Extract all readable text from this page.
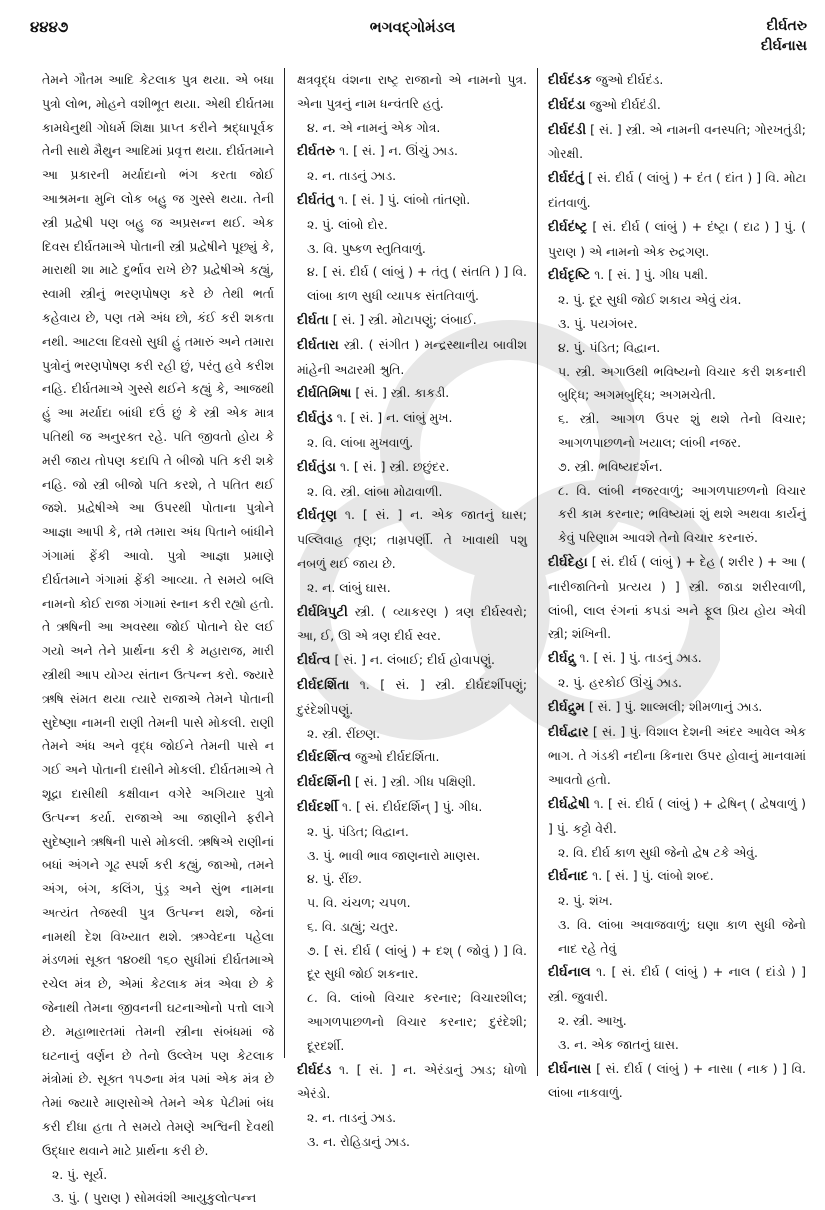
૪૪૪૭	ભગવદ્ગોમંડલ	દીર્ઘતરુ
દીર્ઘનાસ
તેમને ગૌતમ આદિ કેટલાક પુત્ર થયા. એ બધા પુત્રો લોભ, મોહને વશીભૂત થયા. એથી દીર્ઘતમા કામધેનુથી ગોધર્મ શિક્ષા પ્રાપ્ત કરીને શ્રદ્ધાપૂર્વક તેની સાથે મૈથુન આદિમાં પ્રવૃત્ત થયા. દીર્ઘતમાને આ પ્રકારની મર્યાદાનો ભંગ કરતા જોઈ આશ્રમના મુનિ લોક બહુ જ ગુસ્સે થયા. તેની સ્ત્રી પ્રદ્વેષી પણ બહુ જ અપ્રસન્ન થઈ. એક દિવસ દીર્ઘતમાએ પોતાની સ્ત્રી પ્રદ્વેષીને પૂછ્યું કે, મારાથી શા માટે દુર્ભાવ રાખે છે? પ્રદ્વેષીએ કહ્યું, સ્વામી સ્ત્રીનું ભરણપોષણ કરે છે તેથી ભર્તા કહેવાય છે, પણ તમે અંધ છો, કંઈ કરી શકતા નથી. આટલા દિવસો સુધી હું તમારું અને તમારા પુત્રોનું ભરણપોષણ કરી રહી છું, પરંતુ હવે કરીશ નહિ. દીર્ઘતમાએ ગુસ્સે થઈને કહ્યું કે, આજથી હું આ મર્યાદા બાંધી દઉં છું કે સ્ત્રી એક માત્ર પતિથી જ અનુરક્ત રહે. પતિ જીવતો હોય કે મરી જાય તોપણ કદાપિ તે બીજો પતિ કરી શકે નહિ. જો સ્ત્રી બીજો પતિ કરશે, તે પતિત થઈ જશે. પ્રદ્વેષીએ આ ઉપરથી પોતાના પુત્રોને આજ્ઞા આપી કે, તમે તમારા અંધ પિતાને બાંધીને ગંગામાં ફેંકી આવો. પુત્રો આજ્ઞા પ્રમાણે દીર્ઘતમાને ગંગામાં ફેંકી આવ્યા. તે સમયે બલિ નામનો કોઈ રાજા ગંગામાં સ્નાન કરી રહ્યો હતો. તે ઋષિની આ અવસ્થા જોઈ પોતાને ઘેર લઈ ગયો અને તેને પ્રાર્થના કરી કે મહારાજ, મારી સ્ત્રીથી આપ યોગ્ય સંતાન ઉત્પન્ન કરો. જ્યારે ઋષિ સંમત થયા ત્યારે રાજાએ તેમને પોતાની સુદેષ્ણા નામની રાણી તેમની પાસે મોકલી. રાણી તેમને અંધ અને વૃદ્ધ જોઈને તેમની પાસે ન ગઈ અને પોતાની દાસીને મોકલી. દીર્ઘતમાએ તે શૂદ્રા દાસીથી કક્ષીવાન વગેરે અગિયાર પુત્રો ઉત્પન્ન કર્યા. રાજાએ આ જાણીને ફરીને સુદેષ્ણાને ઋષિની પાસે મોકલી. ઋષિએ રાણીનાં બધાં અંગને ગૂઢ સ્પર્શ કરી કહ્યું, જાઓ, તમને અંગ, બંગ, કલિંગ, પુંડ્ર અને સુંભ નામના અત્યંત તેજસ્વી પુત્ર ઉત્પન્ન થશે, જેનાં નામથી દેશ વિખ્યાત થશે. ઋગ્વેદના પહેલા મંડળમાં સૂક્ત ૧૪૦થી ૧૬૦ સુધીમાં દીર્ઘતમાએ રચેલ મંત્ર છે, એમાં કેટલાક મંત્ર એવા છે કે જેનાથી તેમના જીવનની ઘટનાઓનો પત્તો લાગે છે. મહાભારતમાં તેમની સ્ત્રીના સંબંધમાં જે ઘટનાનું વર્ણન છે તેનો ઉલ્લેખ પણ કેટલાક મંત્રોમાં છે. સૂક્ત ૧૫૭ના મંત્ર ૫માં એક મંત્ર છે તેમાં જ્યારે માણસોએ તેમને એક પેટીમાં બંધ કરી દીધા હતા તે સમયે તેમણે અશ્વિની દેવથી ઉદ્ધાર થવાને માટે પ્રાર્થના કરી છે.
૨. પું. સૂર્ય.
૩. પું. ( પુરાણ ) સોમવંશી આયુકુલોત્પન્ન
ક્ષત્રવૃદ્ધ વંશના રાષ્ટ્ર રાજાનો એ નામનો પુત્ર. એના પુત્રનું નામ ધન્વંતરિ હતું.
૪. ન. એ નામનું એક ગોત્ર.
દીર્ઘતરુ ૧. [ સં. ] ન. ઊંચું ઝાડ.
૨. ન. તાડનું ઝાડ.
દીર્ઘતંતુ ૧. [ સં. ] પું. લાંબો તાંતણો.
૨. પું. લાંબો દોર.
૩. વિ. પુષ્કળ સ્તુતિવાળું.
૪. [ સં. દીર્ઘ ( લાંબું ) + તંતુ ( સંતતિ ) ] વિ. લાંબા કાળ સુધી વ્યાપક સંતતિવાળું.
દીર્ઘતા [ સં. ] સ્ત્રી. મોટાપણું; લંબાઈ.
દીર્ઘતારા સ્ત્રી. ( સંગીત ) મન્દ્રસ્થાનીય બાવીશ માંહેની અઢારમી શ્રુતિ.
દીર્ઘતિમિષા [ સં. ] સ્ત્રી. કાકડી.
દીર્ઘતુંડ ૧. [ સં. ] ન. લાંબું મુખ.
૨. વિ. લાંબા મુખવાળું.
દીર્ઘતુંડા ૧. [ સં. ] સ્ત્રી. છછુંદર.
૨. વિ. સ્ત્રી. લાંબા મોઢાવાળી.
દીર્ઘતૃણ ૧. [ સં. ] ન. એક જાતનું ઘાસ; પલ્લિવાહ તૃણ; તામ્રપર્ણી. તે ખાવાથી પશુ નબળું થઈ જાય છે.
૨. ન. લાંબું ઘાસ.
દીર્ઘત્રિપુટી સ્ત્રી. ( વ્યાકરણ ) ત્રણ દીર્ઘસ્વરો; આ, ઈ, ઊ એ ત્રણ દીર્ઘ સ્વર.
દીર્ઘત્વ [ સં. ] ન. લંબાઈ; દીર્ઘ હોવાપણું.
દીર્ઘદર્શિતા ૧. [ સં. ] સ્ત્રી. દીર્ઘદર્શીપણું; દુરંદેશીપણું.
૨. સ્ત્રી. રીંછણ.
દીર્ઘદર્શિત્વ જુઓ દીર્ઘદર્શિતા.
દીર્ઘદર્શિની [ સં. ] સ્ત્રી. ગીધ પક્ષિણી.
દીર્ઘદર્શી ૧. [ સં. દીર્ઘદર્શિન્ ] પું. ગીધ.
૨. પું. પંડિત; વિદ્વાન.
૩. પું. ભાવી ભાવ જાણનારો માણસ.
૪. પું. રીંછ.
૫. વિ. ચંચળ; ચપળ.
૬. વિ. ડાહ્યું; ચતુર.
૭. [ સં. દીર્ઘ ( લાંબું ) + દશ્ ( જોવું ) ] વિ. દૂર સુધી જોઈ શકનાર.
૮. વિ. લાંબો વિચાર કરનાર; વિચારશીલ; આગળપાછળનો વિચાર કરનાર; દુરંદેશી; દૂરદર્શી.
દીર્ઘદંડ ૧. [ સં. ] ન. એરંડાનું ઝાડ; ધોળો એરંડો.
૨. ન. તાડનું ઝાડ.
૩. ન. રોહિડાનું ઝાડ.
દીર્ઘદંડક જુઓ દીર્ઘદંડ.
દીર્ઘદંડા જુઓ દીર્ઘદંડી.
દીર્ઘદંડી [ સં. ] સ્ત્રી. એ નામની વનસ્પતિ; ગોરખતુંડી; ગોરક્ષી.
દીર્ઘદંતું [ સં. દીર્ઘ ( લાંબું ) + દંત ( દાંત ) ] વિ. મોટા દાંતવાળું.
દીર્ઘદંષ્ટ્ર [ સં. દીર્ઘ ( લાંબું ) + દંષ્ટ્રા ( દાઢ ) ] પું. ( પુરાણ ) એ નામનો એક રુદ્રગણ.
દીર્ઘદૃષ્ટિ ૧. [ સં. ] પું. ગીધ પક્ષી.
૨. પું. દૂર સુધી જોઈ શકાય એવું યંત્ર.
૩. પું. પયગંબર.
૪. પું. પંડિત; વિદ્વાન.
૫. સ્ત્રી. અગાઉથી ભવિષ્યનો વિચાર કરી શકનારી બુદ્ધિ; અગમબુદ્ધિ; અગમચેતી.
૬. સ્ત્રી. આગળ ઉપર શું થશે તેનો વિચાર; આગળપાછળનો ખયાલ; લાંબી નજર.
૭. સ્ત્રી. ભવિષ્યદર્શન.
૮. વિ. લાંબી નજરવાળું; આગળપાછળનો વિચાર કરી કામ કરનાર; ભવિષ્યમાં શું થશે અથવા કાર્યનું કેવું પરિણામ આવશે તેનો વિચાર કરનારું.
દીર્ઘદેહા [ સં. દીર્ઘ ( લાંબું ) + દેહ ( શરીર ) + આ ( નારીજાતિનો પ્રત્યય ) ] સ્ત્રી. જાડા શરીરવાળી, લાંબી, લાલ રંગનાં કપડાં અને ફૂલ પ્રિય હોય એવી સ્ત્રી; શંખિની.
દીર્ઘદ્રુ ૧. [ સં. ] પું. તાડનું ઝાડ.
૨. પું. હરકોઈ ઊંચું ઝાડ.
દીર્ઘદ્રુમ [ સં. ] પું. શાલ્મલી; શીમળાનું ઝાડ.
દીર્ઘદ્વાર [ સં. ] પું. વિશાલ દેશની અંદર આવેલ એક ભાગ. તે ગંડકી નદીના કિનારા ઉપર હોવાનું માનવામાં આવતો હતો.
દીર્ઘદ્વેષી ૧. [ સં. દીર્ઘ ( લાંબું ) + દ્વેષિન્ ( દ્વેષવાળું ) ] પું. કટ્ટો વેરી.
૨. વિ. દીર્ઘ કાળ સુધી જેનો દ્વેષ ટકે એવું.
દીર્ઘનાદ ૧. [ સં. ] પું. લાંબો શબ્દ.
૨. પું. શંખ.
૩. વિ. લાંબા અવાજવાળું; ઘણા કાળ સુધી જેનો નાદ રહે તેવું
દીર્ઘનાલ ૧. [ સં. દીર્ઘ ( લાંબું ) + નાલ ( દાંડો ) ] સ્ત્રી. જુવારી.
૨. સ્ત્રી. આખુ.
૩. ન. એક જાતનું ઘાસ.
દીર્ઘનાસ [ સં. દીર્ઘ ( લાંબું ) + નાસા ( નાક ) ] વિ. લાંબા નાકવાળું.
